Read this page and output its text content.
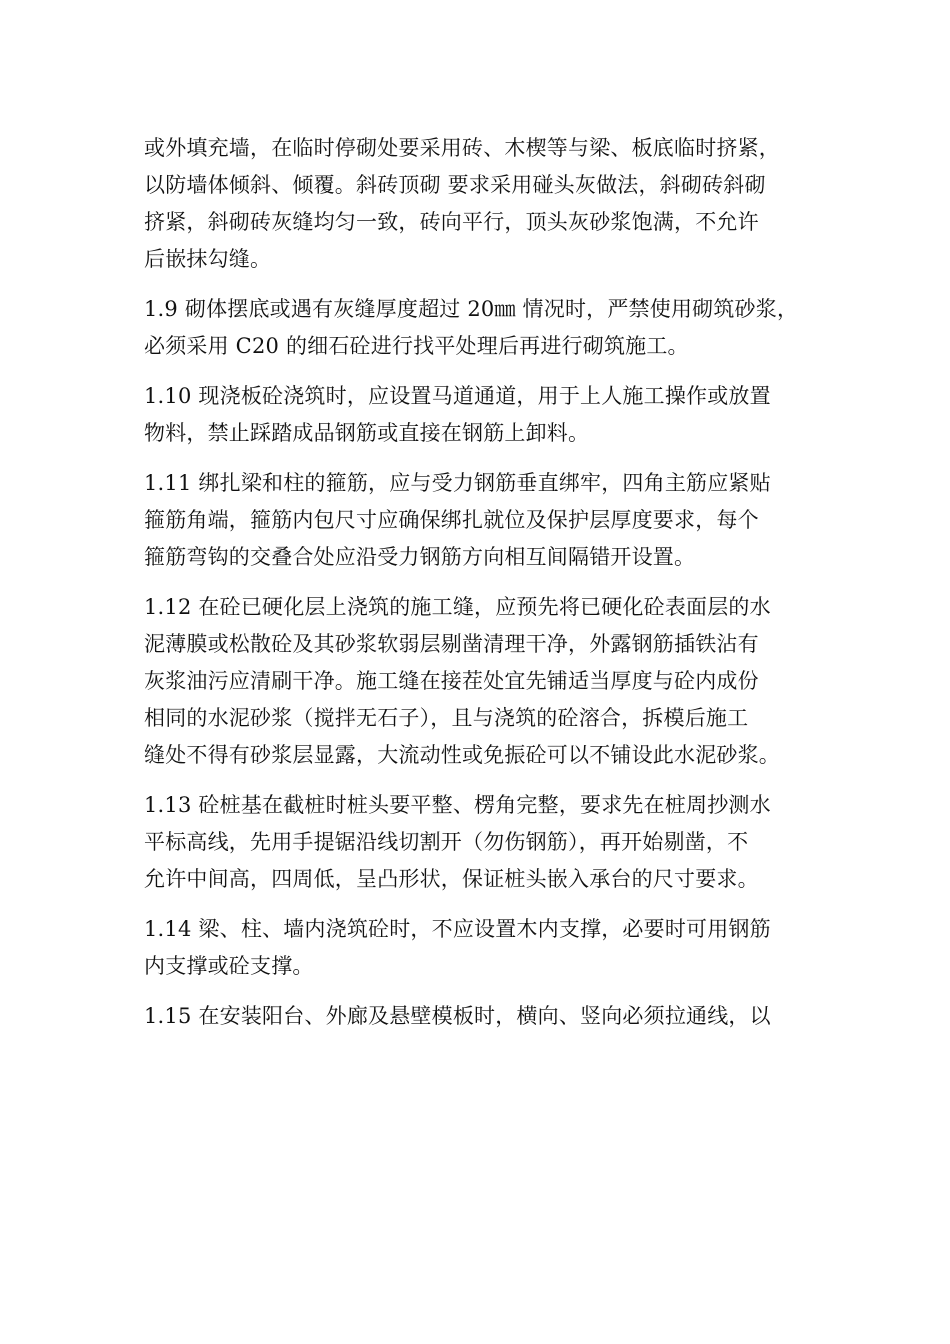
或外填充墙，在临时停砌处要采用砖、木楔等与梁、板底临时挤紧，
以防墙体倾斜、倾覆。斜砖顶砌 要求采用碰头灰做法，斜砌砖斜砌
挤紧，斜砌砖灰缝均匀一致，砖向平行，顶头灰砂浆饱满，不允许
后嵌抹勾缝。
1.9 砌体摆底或遇有灰缝厚度超过 20㎜ 情况时，严禁使用砌筑砂浆，
必须采用 C20 的细石砼进行找平处理后再进行砌筑施工。
1.10 现浇板砼浇筑时，应设置马道通道，用于上人施工操作或放置
物料，禁止踩踏成品钢筋或直接在钢筋上卸料。
1.11 绑扎梁和柱的箍筋，应与受力钢筋垂直绑牢，四角主筋应紧贴
箍筋角端，箍筋内包尺寸应确保绑扎就位及保护层厚度要求，每个
箍筋弯钩的交叠合处应沿受力钢筋方向相互间隔错开设置。
1.12 在砼已硬化层上浇筑的施工缝，应预先将已硬化砼表面层的水
泥薄膜或松散砼及其砂浆软弱层剔凿清理干净，外露钢筋插铁沾有
灰浆油污应清刷干净。施工缝在接茬处宜先铺适当厚度与砼内成份
相同的水泥砂浆（搅拌无石子），且与浇筑的砼溶合，拆模后施工
缝处不得有砂浆层显露，大流动性或免振砼可以不铺设此水泥砂浆。
1.13 砼桩基在截桩时桩头要平整、楞角完整，要求先在桩周抄测水
平标高线，先用手提锯沿线切割开（勿伤钢筋），再开始剔凿，不
允许中间高，四周低，呈凸形状，保证桩头嵌入承台的尺寸要求。
1.14 梁、柱、墙内浇筑砼时，不应设置木内支撑，必要时可用钢筋
内支撑或砼支撑。
1.15 在安装阳台、外廊及悬壁模板时，横向、竖向必须拉通线，以
